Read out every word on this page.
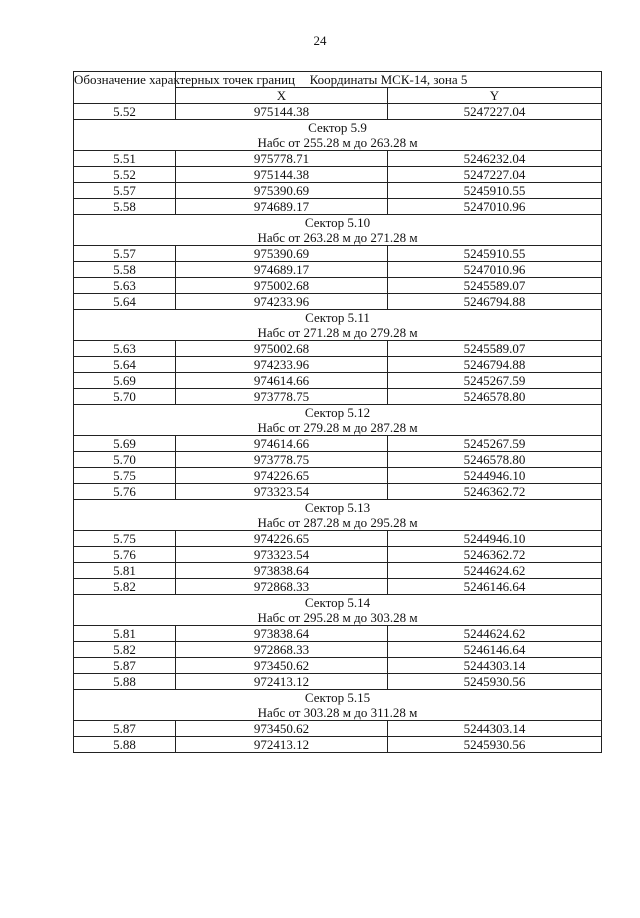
24
Обозначение характерных точек границ	Координаты МСК-14, зона 5	
	X	Y
5.52	975144.38	5247227.04
Сектор 5.9		
Набс от 255.28 м до 263.28 м		
5.51	975778.71	5246232.04
5.52	975144.38	5247227.04
5.57	975390.69	5245910.55
5.58	974689.17	5247010.96
Сектор 5.10		
Набс от 263.28 м до 271.28 м		
5.57	975390.69	5245910.55
5.58	974689.17	5247010.96
5.63	975002.68	5245589.07
5.64	974233.96	5246794.88
Сектор 5.11		
Набс от 271.28 м до 279.28 м		
5.63	975002.68	5245589.07
5.64	974233.96	5246794.88
5.69	974614.66	5245267.59
5.70	973778.75	5246578.80
Сектор 5.12		
Набс от 279.28 м до 287.28 м		
5.69	974614.66	5245267.59
5.70	973778.75	5246578.80
5.75	974226.65	5244946.10
5.76	973323.54	5246362.72
Сектор 5.13		
Набс от 287.28 м до 295.28 м		
5.75	974226.65	5244946.10
5.76	973323.54	5246362.72
5.81	973838.64	5244624.62
5.82	972868.33	5246146.64
Сектор 5.14		
Набс от 295.28 м до 303.28 м		
5.81	973838.64	5244624.62
5.82	972868.33	5246146.64
5.87	973450.62	5244303.14
5.88	972413.12	5245930.56
Сектор 5.15		
Набс от 303.28 м до 311.28 м		
5.87	973450.62	5244303.14
5.88	972413.12	5245930.56
